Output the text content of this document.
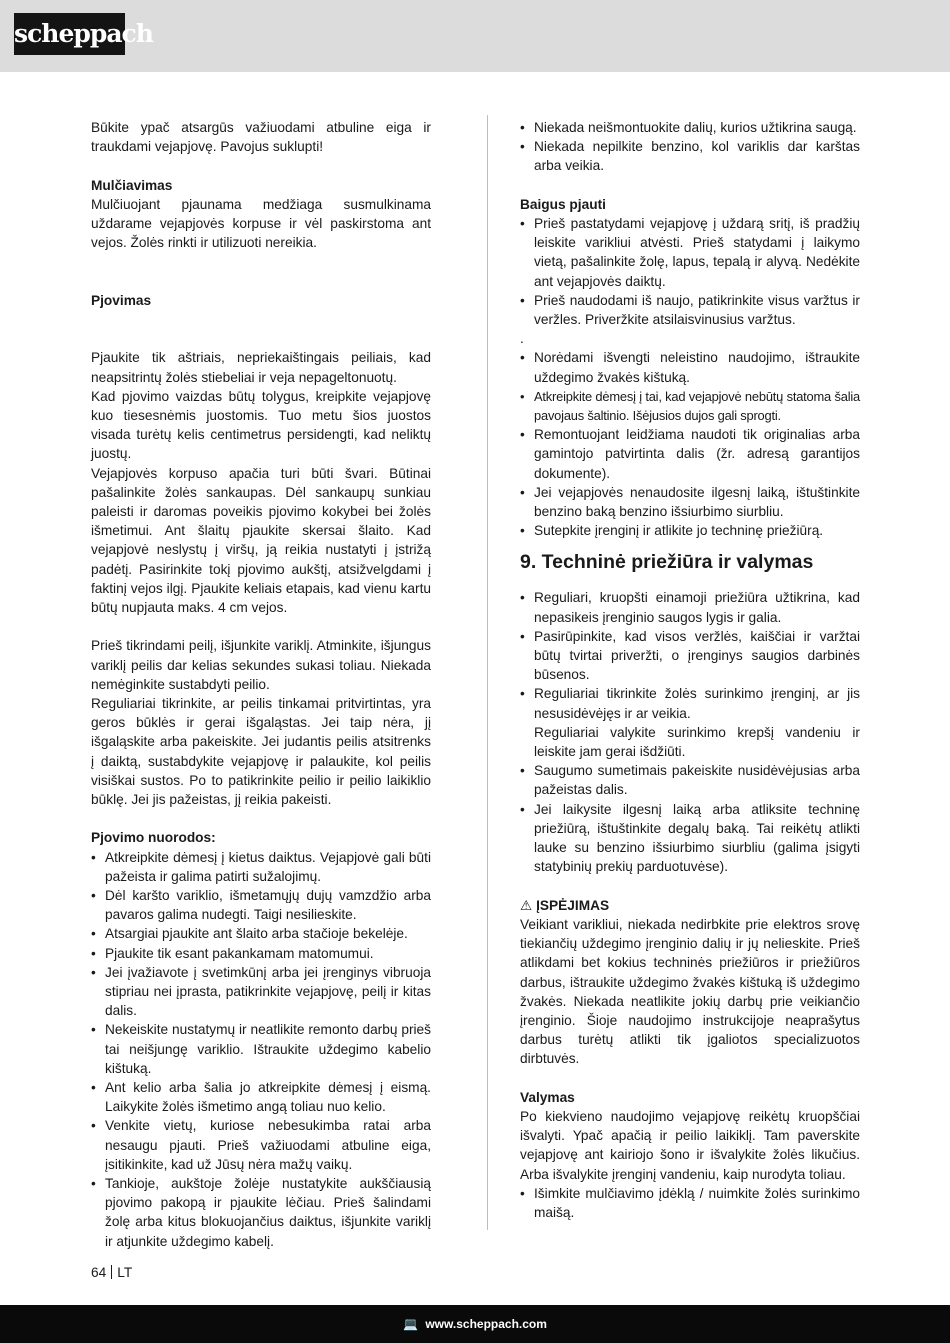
scheppach

Būkite ypač atsargūs važiuodami atbuline eiga ir traukdami vejapjovę. Pavojus suklupti!

Mulčiavimas

Mulčiuojant pjaunama medžiaga susmulkinama uždarame vejapjovės korpuse ir vėl paskirstoma ant vejos. Žolės rinkti ir utilizuoti nereikia.

Pjovimas

Pjaukite tik aštriais, nepriekaištingais peiliais, kad neapsitrintų žolės stiebeliai ir veja nepageltonuotų.

Kad pjovimo vaizdas būtų tolygus, kreipkite vejapjovę kuo tiesesnėmis juostomis. Tuo metu šios juostos visada turėtų kelis centimetrus persidengti, kad neliktų juostų.

Vejapjovės korpuso apačia turi būti švari. Būtinai pašalinkite žolės sankaupas. Dėl sankaupų sunkiau paleisti ir daromas poveikis pjovimo kokybei bei žolės išmetimui. Ant šlaitų pjaukite skersai šlaito. Kad vejapjovė neslystų į viršų, ją reikia nustatyti į įstrižą padėtį. Pasirinkite tokį pjovimo aukštį, atsižvelgdami į faktinį vejos ilgį. Pjaukite keliais etapais, kad vienu kartu būtų nupjauta maks. 4 cm vejos.

Prieš tikrindami peilį, išjunkite variklį. Atminkite, išjungus variklį peilis dar kelias sekundes sukasi toliau. Niekada nemėginkite sustabdyti peilio.

Reguliariai tikrinkite, ar peilis tinkamai pritvirtintas, yra geros būklės ir gerai išgaląstas. Jei taip nėra, jį išgaląskite arba pakeiskite. Jei judantis peilis atsitrenks į daiktą, sustabdykite vejapjovę ir palaukite, kol peilis visiškai sustos. Po to patikrinkite peilio ir peilio laikiklio būklę. Jei jis pažeistas, jį reikia pakeisti.

Pjovimo nuorodos:

• Atkreipkite dėmesį į kietus daiktus. Vejapjovė gali būti pažeista ir galima patirti sužalojimų.
• Dėl karšto variklio, išmetamųjų dujų vamzdžio arba pavaros galima nudegti. Taigi nesilieskite.
• Atsargiai pjaukite ant šlaito arba stačioje bekelėje.
• Pjaukite tik esant pakankamam matomumui.
• Jei įvažiavote į svetimkūnį arba jei įrenginys vibruoja stipriau nei įprasta, patikrinkite vejapjovę, peilį ir kitas dalis.
• Nekeiskite nustatymų ir neatlikite remonto darbų prieš tai neišjungę variklio. Ištraukite uždegimo kabelio kištuką.
• Ant kelio arba šalia jo atkreipkite dėmesį į eismą. Laikykite žolės išmetimo angą toliau nuo kelio.
• Venkite vietų, kuriose nebesukimba ratai arba nesaugu pjauti. Prieš važiuodami atbuline eiga, įsitikinkite, kad už Jūsų nėra mažų vaikų.
• Tankioje, aukštoje žolėje nustatykite aukščiausią pjovimo pakopą ir pjaukite lėčiau. Prieš šalindami žolę arba kitus blokuojančius daiktus, išjunkite variklį ir atjunkite uždegimo kabelį.
• Niekada neišmontuokite dalių, kurios užtikrina saugą.
• Niekada nepilkite benzino, kol variklis dar karštas arba veikia.

Baigus pjauti

• Prieš pastatydami vejapjovę į uždarą sritį, iš pradžių leiskite varikliui atvėsti. Prieš statydami į laikymo vietą, pašalinkite žolę, lapus, tepalą ir alyvą. Nedėkite ant vejapjovės daiktų.
• Prieš naudodami iš naujo, patikrinkite visus varžtus ir veržles. Priveržkite atsilaisvinusius varžtus.

.

• Norėdami išvengti neleistino naudojimo, ištraukite uždegimo žvakės kištuką.
• Atkreipkite dėmesį į tai, kad vejapjovė nebūtų statoma šalia pavojaus šaltinio. Išėjusios dujos gali sprogti.
• Remontuojant leidžiama naudoti tik originalias arba gamintojo patvirtinta dalis (žr. adresą garantijos dokumente).
• Jei vejapjovės nenaudosite ilgesnį laiką, ištuštinkite benzino baką benzino išsiurbimo siurbliu.
• Sutepkite įrenginį ir atlikite jo techninę priežiūrą.
9. Techninė priežiūra ir valymas
• Reguliari, kruopšti einamoji priežiūra užtikrina, kad nepasikeis įrenginio saugos lygis ir galia.
• Pasirūpinkite, kad visos veržlės, kaiščiai ir varžtai būtų tvirtai priveržti, o įrenginys saugios darbinės būsenos.
• Reguliariai tikrinkite žolės surinkimo įrenginį, ar jis nesusidėvėjęs ir ar veikia.
Reguliariai valykite surinkimo krepšį vandeniu ir leiskite jam gerai išdžiūti.
• Saugumo sumetimais pakeiskite nusidėvėjusias arba pažeistas dalis.
• Jei laikysite ilgesnį laiką arba atliksite techninę priežiūrą, ištuštinkite degalų baką. Tai reikėtų atlikti lauke su benzino išsiurbimo siurbliu (galima įsigyti statybinių prekių parduotuvėse).

⚠ ĮSPĖJIMAS

Veikiant varikliui, niekada nedirbkite prie elektros srovę tiekiančių uždegimo įrenginio dalių ir jų nelieskite. Prieš atlikdami bet kokius techninės priežiūros ir priežiūros darbus, ištraukite uždegimo žvakės kištuką iš uždegimo žvakės. Niekada neatlikite jokių darbų prie veikiančio įrenginio. Šioje naudojimo instrukcijoje neaprašytus darbus turėtų atlikti tik įgaliotos specializuotos dirbtuvės.

Valymas

Po kiekvieno naudojimo vejapjovę reikėtų kruopščiai išvalyti. Ypač apačią ir peilio laikiklį. Tam paverskite vejapjovę ant kairiojo šono ir išvalykite žolės likučius. Arba išvalykite įrenginį vandeniu, kaip nurodyta toliau.

• Išimkite mulčiavimo įdėklą / nuimkite žolės surinkimo maišą.
64 LT
💻 www.scheppach.com
